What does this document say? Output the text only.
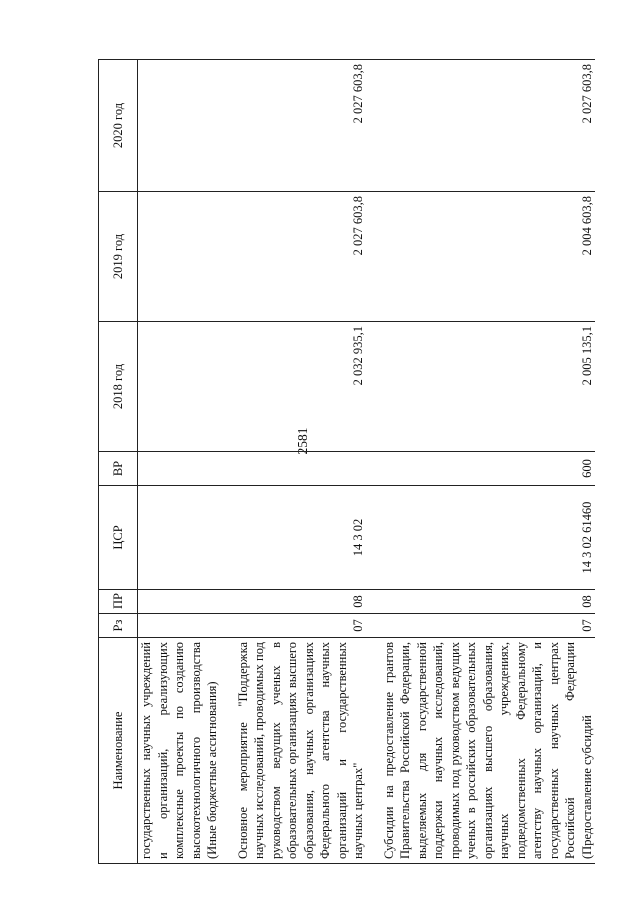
2581
Наименование	Рз	ПР	ЦСР	ВР	2018 год	2019 год	2020 год
государственных научных учреждений и организаций, реализующих комплексные проекты по созданию высокотехнологичного производства (Иные бюджетные ассигнования)							

Основное мероприятие "Поддержка научных исследований, проводимых под руководством ведущих ученых в образовательных организациях высшего образования, научных организациях Федерального агентства научных организаций и государственных научных центрах"	07	08	14 3 02		2 032 935,1	2 027 603,8	2 027 603,8

Субсидии на предоставление грантов Правительства Российской Федерации, выделяемых для государственной поддержки научных исследований, проводимых под руководством ведущих ученых в российских образовательных организациях высшего образования, научных учреждениях, подведомственных Федеральному агентству научных организаций, и государственных научных центрах Российской Федерации (Предоставление субсидий	07	08	14 3 02 61460	600	2 005 135,1	2 004 603,8	2 027 603,8
